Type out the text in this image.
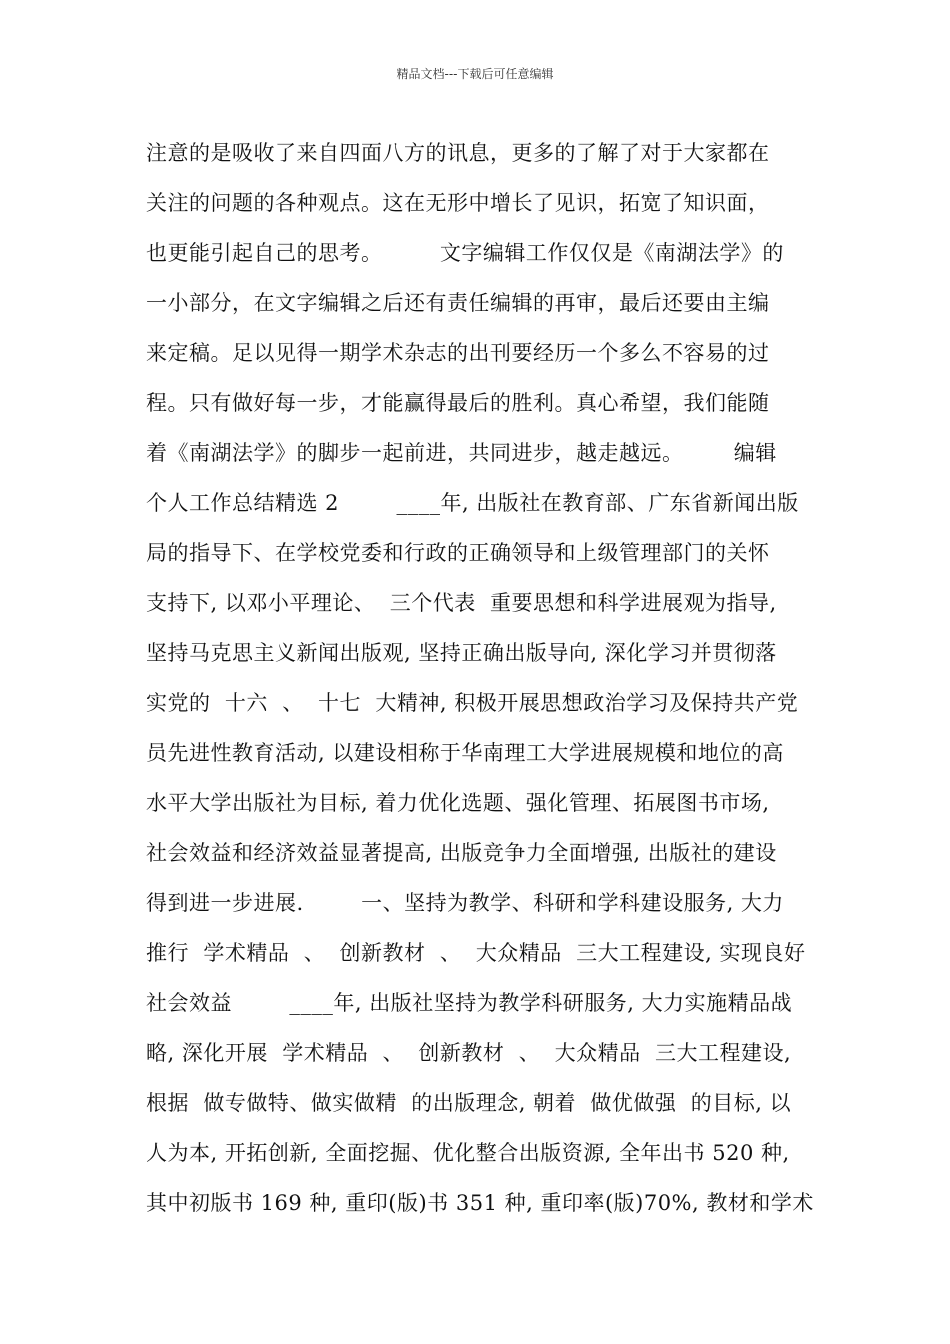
精品文档---下载后可任意编辑
注意的是吸收了来自四面八方的讯息，更多的了解了对于大家都在
关注的问题的各种观点。这在无形中增长了见识，拓宽了知识面，
也更能引起自己的思考。        文字编辑工作仅仅是《南湖法学》的
一小部分，在文字编辑之后还有责任编辑的再审，最后还要由主编
来定稿。足以见得一期学术杂志的出刊要经历一个多么不容易的过
程。只有做好每一步，才能赢得最后的胜利。真心希望，我们能随
着《南湖法学》的脚步一起前进，共同进步，越走越远。       编辑
个人工作总结精选 2        ____年, 出版社在教育部、广东省新闻出版
局的指导下、在学校党委和行政的正确领导和上级管理部门的关怀
支持下, 以邓小平理论、  三个代表  重要思想和科学进展观为指导,
坚持马克思主义新闻出版观, 坚持正确出版导向, 深化学习并贯彻落
实党的  十六  、  十七  大精神, 积极开展思想政治学习及保持共产党
员先进性教育活动, 以建设相称于华南理工大学进展规模和地位的高
水平大学出版社为目标, 着力优化选题、强化管理、拓展图书市场,
社会效益和经济效益显著提高, 出版竞争力全面增强, 出版社的建设
得到进一步进展.        一、坚持为教学、科研和学科建设服务, 大力
推行  学术精品  、  创新教材  、  大众精品  三大工程建设, 实现良好
社会效益        ____年, 出版社坚持为教学科研服务, 大力实施精品战
略, 深化开展  学术精品  、  创新教材  、  大众精品  三大工程建设,
根据  做专做特、做实做精  的出版理念, 朝着  做优做强  的目标, 以
人为本, 开拓创新, 全面挖掘、优化整合出版资源, 全年出书 520 种,
其中初版书 169 种, 重印(版)书 351 种, 重印率(版)70%, 教材和学术
